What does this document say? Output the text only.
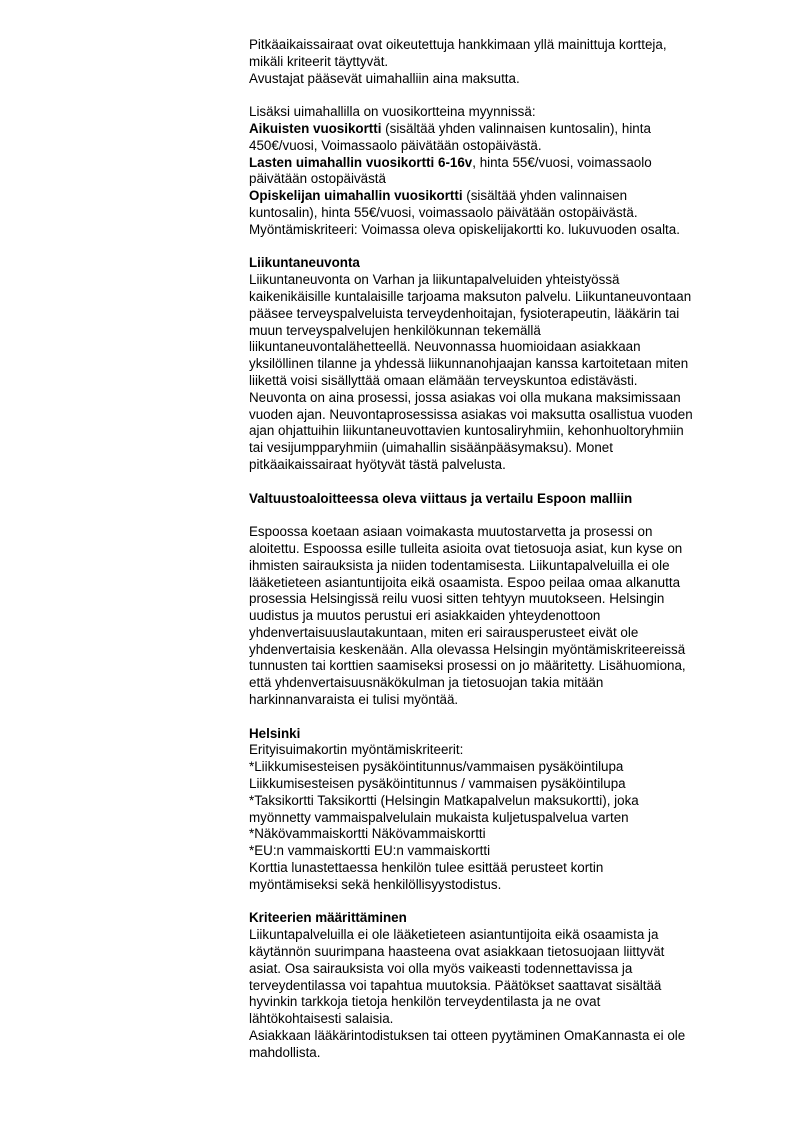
Pitkäaikaissairaat ovat oikeutettuja hankkimaan yllä mainittuja kortteja,
mikäli kriteerit täyttyvät.
Avustajat pääsevät uimahalliin aina maksutta.
Lisäksi uimahallilla on vuosikortteina myynnissä:
Aikuisten vuosikortti (sisältää yhden valinnaisen kuntosalin), hinta
450€/vuosi, Voimassaolo päivätään ostopäivästä.
Lasten uimahallin vuosikortti 6-16v, hinta 55€/vuosi, voimassaolo
päivätään ostopäivästä
Opiskelijan uimahallin vuosikortti (sisältää yhden valinnaisen
kuntosalin), hinta 55€/vuosi, voimassaolo päivätään ostopäivästä.
Myöntämiskriteeri: Voimassa oleva opiskelijakortti ko. lukuvuoden osalta.
Liikuntaneuvonta
Liikuntaneuvonta on Varhan ja liikuntapalveluiden yhteistyössä
kaikenikäisille kuntalaisille tarjoama maksuton palvelu. Liikuntaneuvontaan
pääsee terveyspalveluista terveydenhoitajan, fysioterapeutin, lääkärin tai
muun terveyspalvelujen henkilökunnan tekemällä
liikuntaneuvontalähetteellä. Neuvonnassa huomioidaan asiakkaan
yksilöllinen tilanne ja yhdessä liikunnanohjaajan kanssa kartoitetaan miten
liikettä voisi sisällyttää omaan elämään terveyskuntoa edistävästi.
Neuvonta on aina prosessi, jossa asiakas voi olla mukana maksimissaan
vuoden ajan. Neuvontaprosessissa asiakas voi maksutta osallistua vuoden
ajan ohjattuihin liikuntaneuvottavien kuntosaliryhmiin, kehonhuoltoryhmiin
tai vesijumpparyhmiin (uimahallin sisäänpääsymaksu). Monet
pitkäaikaissairaat hyötyvät tästä palvelusta.
Valtuustoaloitteessa oleva viittaus ja vertailu Espoon malliin
Espoossa koetaan asiaan voimakasta muutostarvetta ja prosessi on
aloitettu. Espoossa esille tulleita asioita ovat tietosuoja asiat, kun kyse on
ihmisten sairauksista ja niiden todentamisesta. Liikuntapalveluilla ei ole
lääketieteen asiantuntijoita eikä osaamista. Espoo peilaa omaa alkanutta
prosessia Helsingissä reilu vuosi sitten tehtyyn muutokseen. Helsingin
uudistus ja muutos perustui eri asiakkaiden yhteydenottoon
yhdenvertaisuuslautakuntaan, miten eri sairausperusteet eivät ole
yhdenvertaisia keskenään. Alla olevassa Helsingin myöntämiskriteereissä
tunnusten tai korttien saamiseksi prosessi on jo määritetty. Lisähuomiona,
että yhdenvertaisuusnäkökulman ja tietosuojan takia mitään
harkinnanvaraista ei tulisi myöntää.
Helsinki
Erityisuimakortin myöntämiskriteerit:
*Liikkumisesteisen pysäköintitunnus/vammaisen pysäköintilupa
Liikkumisesteisen pysäköintitunnus / vammaisen pysäköintilupa
*Taksikortti Taksikortti (Helsingin Matkapalvelun maksukortti), joka
myönnetty vammaispalvelulain mukaista kuljetuspalvelua varten
*Näkövammaiskortti Näkövammaiskortti
*EU:n vammaiskortti EU:n vammaiskortti
Korttia lunastettaessa henkilön tulee esittää perusteet kortin
myöntämiseksi sekä henkilöllisyystodistus.
Kriteerien määrittäminen
Liikuntapalveluilla ei ole lääketieteen asiantuntijoita eikä osaamista ja
käytännön suurimpana haasteena ovat asiakkaan tietosuojaan liittyvät
asiat. Osa sairauksista voi olla myös vaikeasti todennettavissa ja
terveydentilassa voi tapahtua muutoksia. Päätökset saattavat sisältää
hyvinkin tarkkoja tietoja henkilön terveydentilasta ja ne ovat
lähtökohtaisesti salaisia.
Asiakkaan lääkärintodistuksen tai otteen pyytäminen OmaKannasta ei ole
mahdollista.
